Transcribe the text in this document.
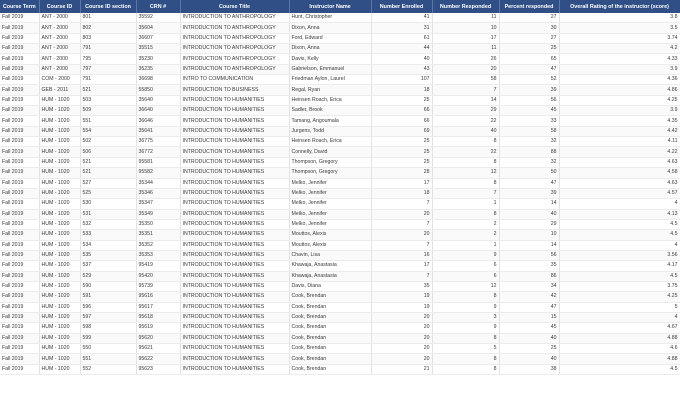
Course Term	Course ID	Course ID section	CRN #	Course Title	Instructor Name	Number Enrolled	Number Responded	Percent responded	Overall Rating of the instructor (score)
Fall 2019	ANT - 2000	801	35592	INTRODUCTION TO ANTHROPOLOGY	Hunt, Christopher	41	11	27	3.8
Fall 2019	ANT - 2000	802	35604	INTRODUCTION TO ANTHROPOLOGY	Dixon, Anna	31	10	30	3.5
Fall 2019	ANT - 2000	803	36607	INTRODUCTION TO ANTHROPOLOGY	Ford, Edward	61	17	27	3.74
Fall 2019	ANT - 2000	791	35515	INTRODUCTION TO ANTHROPOLOGY	Dixon, Anna	44	11	25	4.2
Fall 2019	ANT - 2000	795	35230	INTRODUCTION TO ANTHROPOLOGY	Davis, Kelly	40	26	65	4.33
Fall 2019	ANT - 2000	797	35235	INTRODUCTION TO ANTHROPOLOGY	Gabrielson, Emmanuel	43	20	47	3.9
Fall 2019	COM - 2000	791	36698	INTRO TO COMMUNICATION	Friedman Aylon, Laurel	107	58	52	4.36
Fall 2019	GEB - 2011	521	55850	INTRODUCTION TO BUSINESS	Regal, Ryan	18	7	39	4.86
Fall 2019	HUM - 1020	503	35640	INTRODUCTION TO HUMANITIES	Heinsen Roach, Erica	25	14	56	4.25
Fall 2019	HUM - 1020	509	36640	INTRODUCTION TO HUMANITIES	Sadler, Brook	66	29	45	3.9
Fall 2019	HUM - 1020	551	36646	INTRODUCTION TO HUMANITIES	Tamang, Angoumala	66	22	33	4.35
Fall 2019	HUM - 1020	554	35641	INTRODUCTION TO HUMANITIES	Jurgens, Todd	69	40	58	4.42
Fall 2019	HUM - 1020	502	36775	INTRODUCTION TO HUMANITIES	Heinsen Roach, Erica	25	8	32	4.11
Fall 2019	HUM - 1020	506	36772	INTRODUCTION TO HUMANITIES	Connelly, David	25	22	88	4.22
Fall 2019	HUM - 1020	521	95581	INTRODUCTION TO HUMANITIES	Thompson, Gregory	25	8	32	4.63
Fall 2019	HUM - 1020	521	95582	INTRODUCTION TO HUMANITIES	Thompson, Gregory	28	12	50	4.58
Fall 2019	HUM - 1020	527	35344	INTRODUCTION TO HUMANITIES	Melko, Jennifer	17	8	47	4.63
Fall 2019	HUM - 1020	525	35346	INTRODUCTION TO HUMANITIES	Melko, Jennifer	18	7	39	4.57
Fall 2019	HUM - 1020	530	35347	INTRODUCTION TO HUMANITIES	Melko, Jennifer	7	1	14	4
Fall 2019	HUM - 1020	531	35349	INTRODUCTION TO HUMANITIES	Melko, Jennifer	20	8	40	4.13
Fall 2019	HUM - 1020	532	35350	INTRODUCTION TO HUMANITIES	Melko, Jennifer	7	2	29	4.5
Fall 2019	HUM - 1020	533	35351	INTRODUCTION TO HUMANITIES	Mouttos, Alexis	20	2	10	4.5
Fall 2019	HUM - 1020	534	35352	INTRODUCTION TO HUMANITIES	Mouttos, Alexis	7	1	14	4
Fall 2019	HUM - 1020	535	35353	INTRODUCTION TO HUMANITIES	Chavin, Lisa	16	9	56	3.56
Fall 2019	HUM - 1020	537	95419	INTRODUCTION TO HUMANITIES	Khawaja, Anastasia	17	6	35	4.17
Fall 2019	HUM - 1020	529	95420	INTRODUCTION TO HUMANITIES	Khawaja, Anastasia	7	6	86	4.5
Fall 2019	HUM - 1020	590	95739	INTRODUCTION TO HUMANITIES	Davis, Diana	35	12	34	3.75
Fall 2019	HUM - 1020	591	95616	INTRODUCTION TO HUMANITIES	Cook, Brendan	19	8	42	4.25
Fall 2019	HUM - 1020	596	95617	INTRODUCTION TO HUMANITIES	Cook, Brendan	19	9	47	5
Fall 2019	HUM - 1020	597	95618	INTRODUCTION TO HUMANITIES	Cook, Brendan	20	3	15	4
Fall 2019	HUM - 1020	598	95619	INTRODUCTION TO HUMANITIES	Cook, Brendan	20	9	45	4.67
Fall 2019	HUM - 1020	599	95620	INTRODUCTION TO HUMANITIES	Cook, Brendan	20	8	40	4.88
Fall 2019	HUM - 1020	550	95621	INTRODUCTION TO HUMANITIES	Cook, Brendan	20	5	25	4.6
Fall 2019	HUM - 1020	551	95622	INTRODUCTION TO HUMANITIES	Cook, Brendan	20	8	40	4.88
Fall 2019	HUM - 1020	552	95623	INTRODUCTION TO HUMANITIES	Cook, Brendan	21	8	38	4.5
